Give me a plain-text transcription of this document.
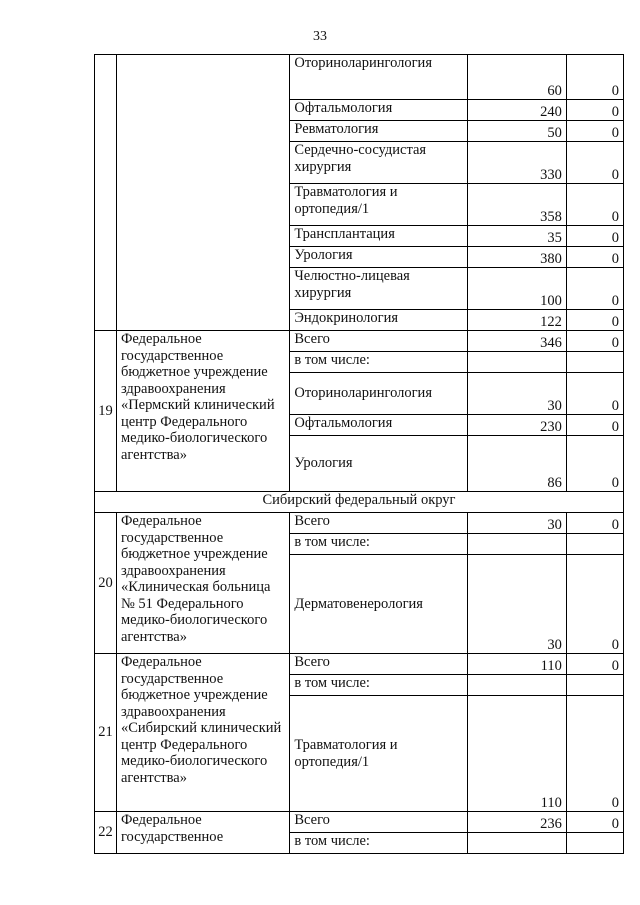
33
		Оториноларингология	60	0
		Офтальмология	240	0
		Ревматология	50	0
		Сердечно-сосудистая хирургия	330	0
		Травматология и ортопедия/1	358	0
		Трансплантация	35	0
		Урология	380	0
		Челюстно-лицевая хирургия	100	0
		Эндокринология	122	0
19	Федеральное государственное бюджетное учреждение здравоохранения «Пермский клинический центр Федерального медико-биологического агентства»	Всего	346	0
		в том числе:		
		Оториноларингология	30	0
		Офтальмология	230	0
		Урология	86	0
Сибирский федеральный округ				
20	Федеральное государственное бюджетное учреждение здравоохранения «Клиническая больница № 51 Федерального медико-биологического агентства»	Всего	30	0
		в том числе:		
		Дерматовенерология	30	0
21	Федеральное государственное бюджетное учреждение здравоохранения «Сибирский клинический центр Федерального медико-биологического агентства»	Всего	110	0
		в том числе:		
		Травматология и ортопедия/1	110	0
22	Федеральное государственное	Всего	236	0
		в том числе:		
